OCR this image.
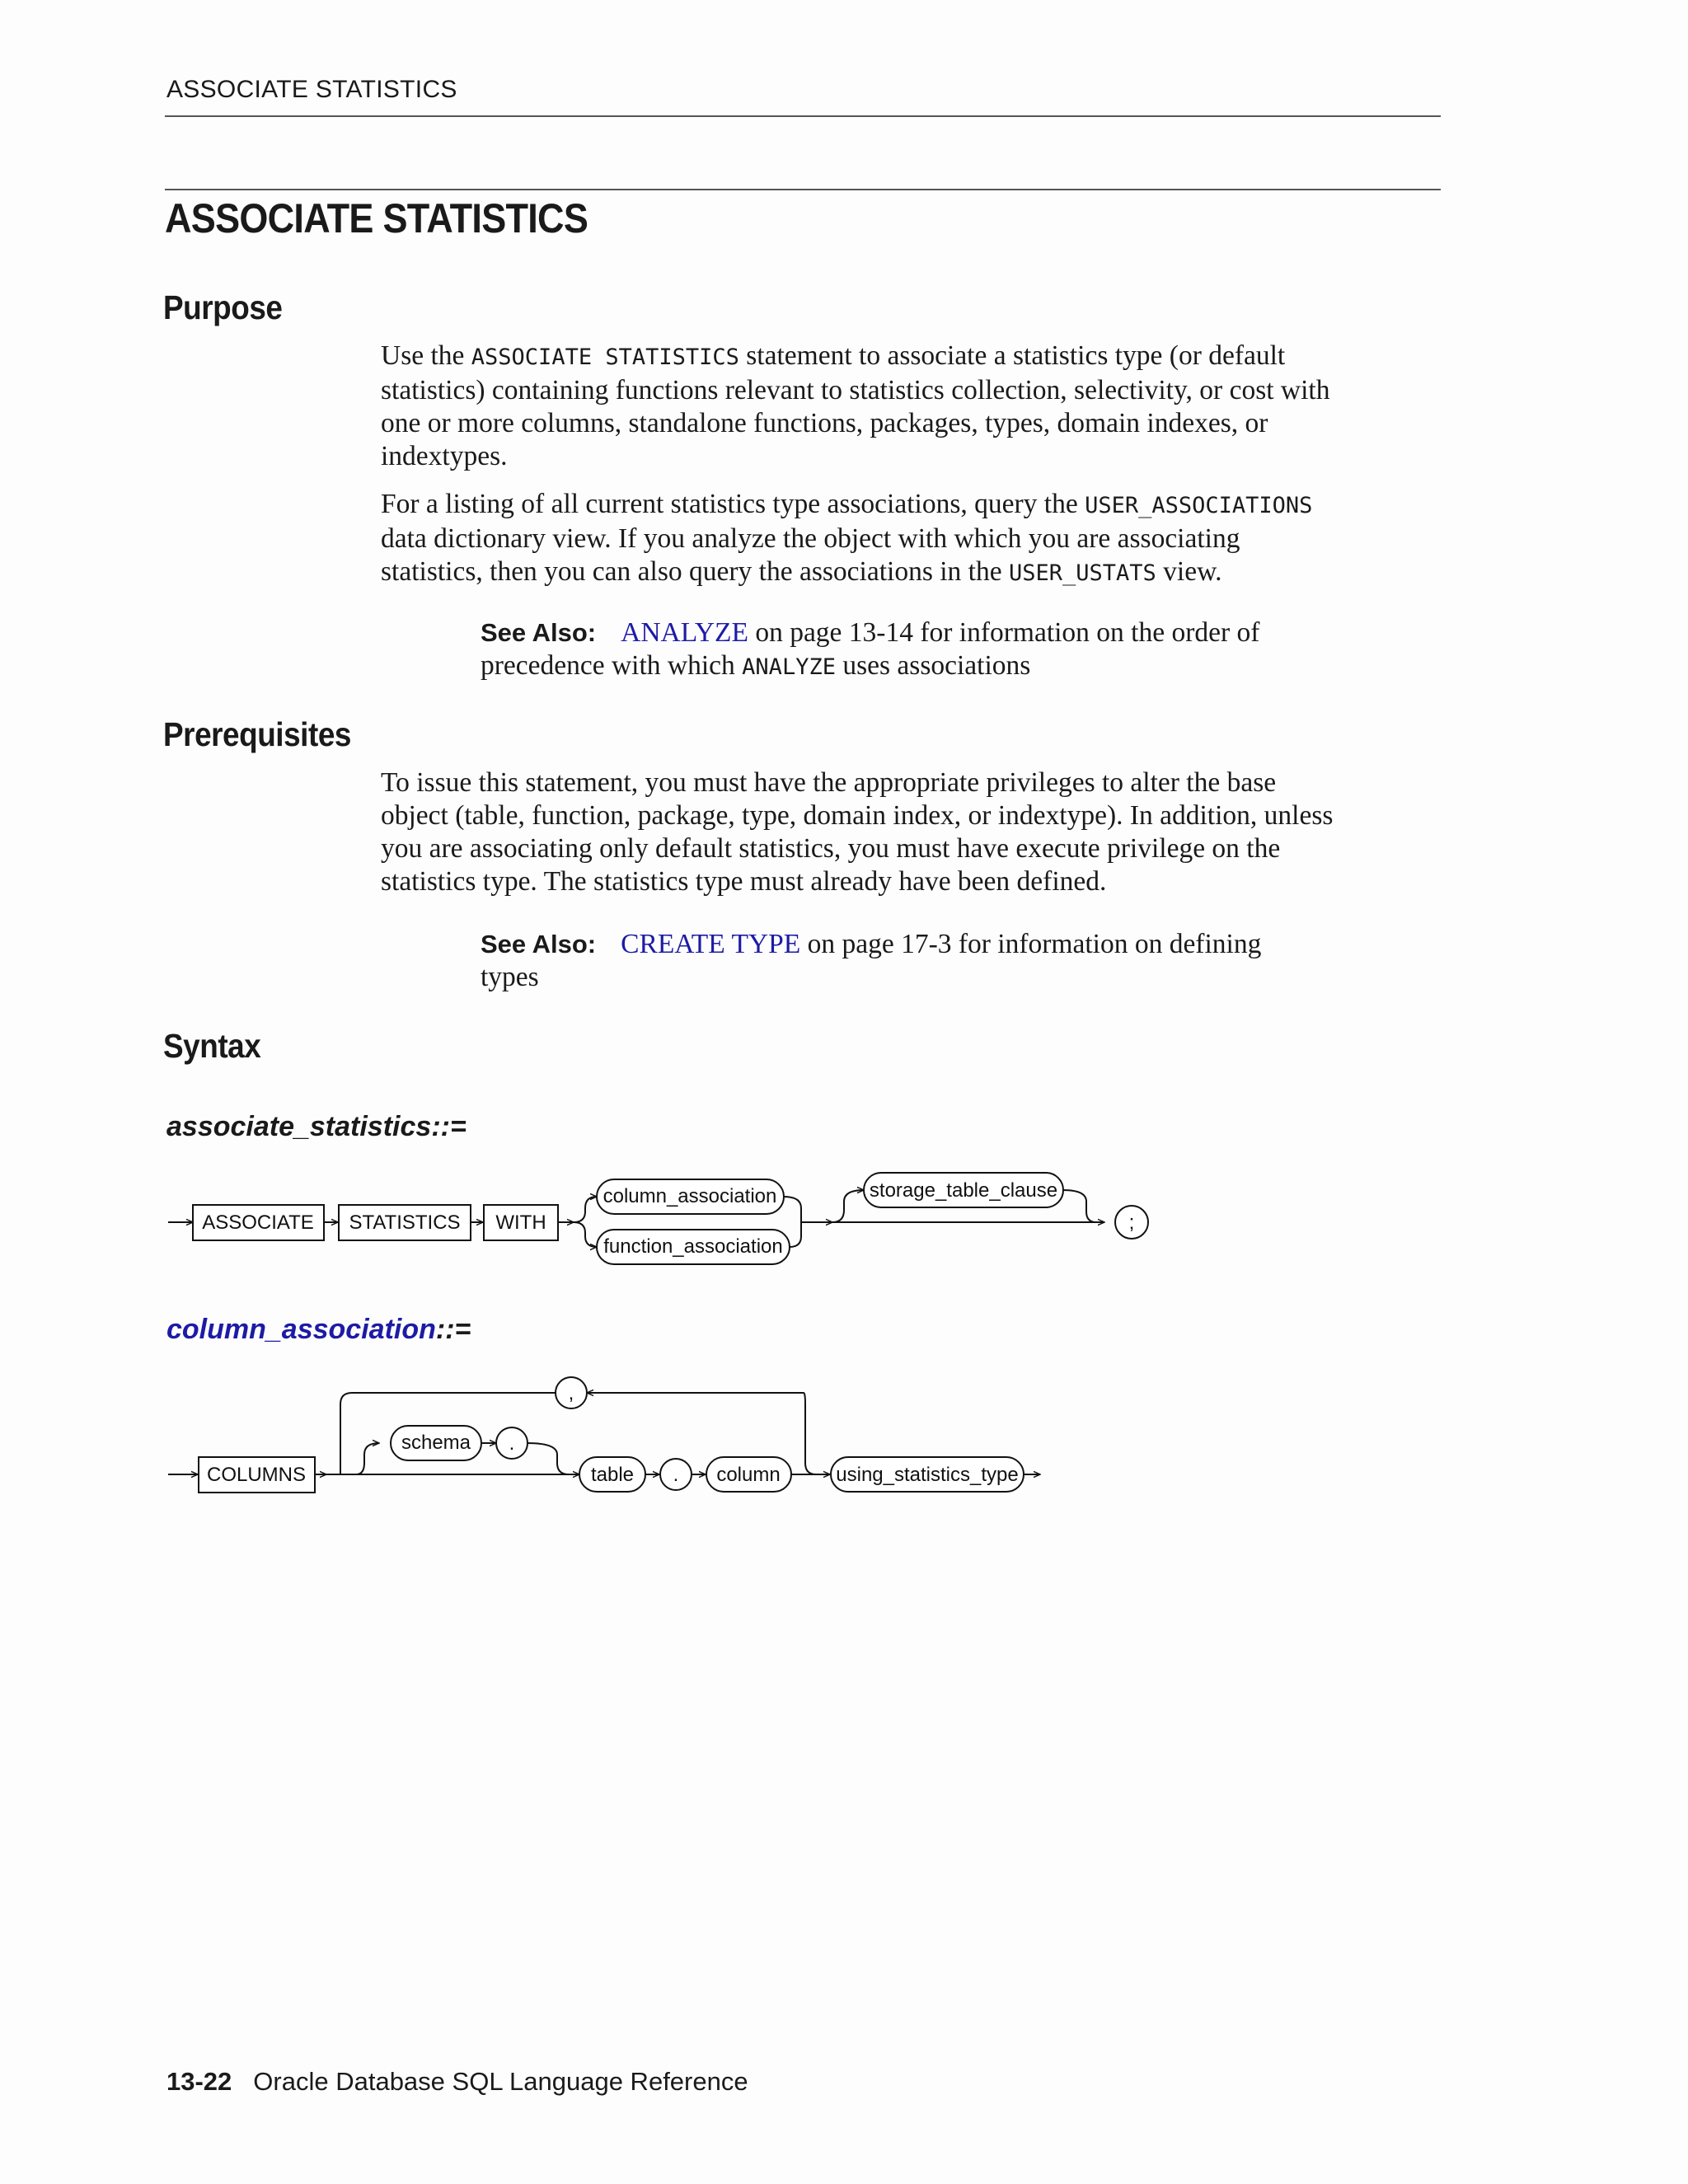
ASSOCIATE STATISTICS
ASSOCIATE STATISTICS
Purpose
Use the ASSOCIATE STATISTICS statement to associate a statistics type (or default
statistics) containing functions relevant to statistics collection, selectivity, or cost with
one or more columns, standalone functions, packages, types, domain indexes, or
indextypes.
For a listing of all current statistics type associations, query the USER_ASSOCIATIONS
data dictionary view. If you analyze the object with which you are associating
statistics, then you can also query the associations in the USER_USTATS view.
See Also: ANALYZE on page 13-14 for information on the order of
precedence with which ANALYZE uses associations
Prerequisites
To issue this statement, you must have the appropriate privileges to alter the base
object (table, function, package, type, domain index, or indextype). In addition, unless
you are associating only default statistics, you must have execute privilege on the
statistics type. The statistics type must already have been defined.
See Also: CREATE TYPE on page 17-3 for information on defining
types
Syntax
associate_statistics::=
ASSOCIATE STATISTICS WITH
column_association
function_association
storage_table_clause
;
column_association::=
COLUMNS
,
schema .
table . column	using_statistics_type
13-22 Oracle Database SQL Language Reference
